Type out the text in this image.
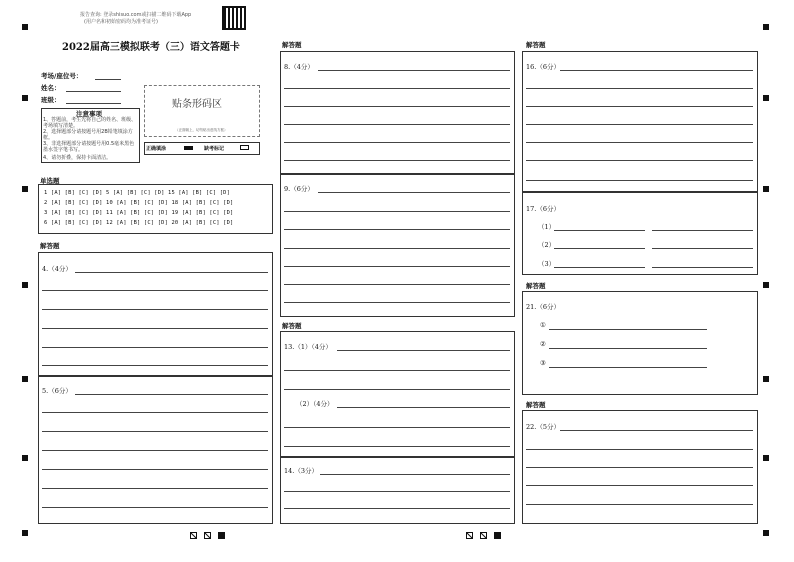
报告查询: 登录shisuo.com或扫描二维码下载App
(用户名和初始密码均为准考证号)
2022届高三模拟联考（三）语文答题卡
考场/座位号：
姓名：
班级：
注意事项
1、答题前，考生先将自己的姓名、班级、考场填写清楚。
2、选择题部分请按题号用2B铅笔填涂方框。
3、非选择题部分请按题号用0.5毫米黑色墨水签字笔书写。
4、请勿折叠，保持卡面清洁。
贴条形码区
（正面朝上，切勿贴出虚线方框）
正确填涂	缺考标记
单选题
1 [A] [B] [C] [D] 5 [A] [B] [C] [D] 15 [A] [B] [C] [D]
2 [A] [B] [C] [D] 10 [A] [B] [C] [D] 18 [A] [B] [C] [D]
3 [A] [B] [C] [D] 11 [A] [B] [C] [D] 19 [A] [B] [C] [D]
6 [A] [B] [C] [D] 12 [A] [B] [C] [D] 20 [A] [B] [C] [D]
解答题
4.（4分）
5.（6分）
解答题
8.（4分）
9.（6分）
解答题
13.（1）（4分）
（2）（4分）
14.（3分）
解答题
16.（6分）
17.（6分）
（1）
（2）
（3）
解答题
21.（6分）
①
②
③
解答题
22.（5分）
